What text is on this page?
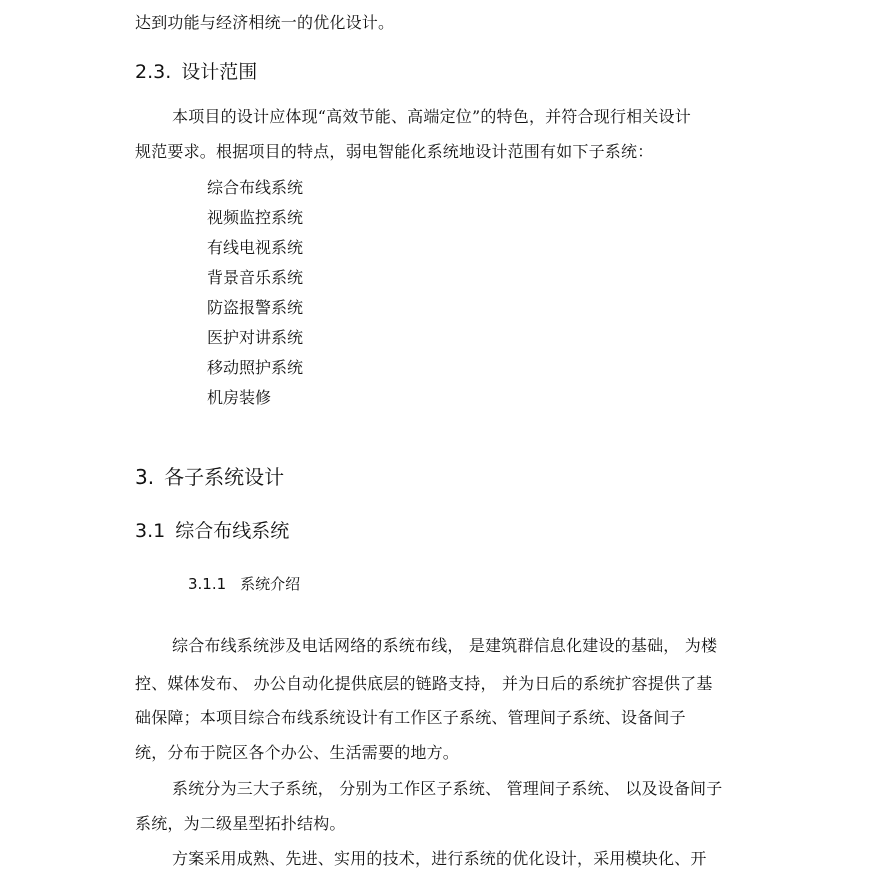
达到功能与经济相统一的优化设计。
2.3. 设计范围
本项目的设计应体现“高效节能、高端定位”的特色，并符合现行相关设计
规范要求。根据项目的特点，弱电智能化系统地设计范围有如下子系统：
综合布线系统
视频监控系统
有线电视系统
背景音乐系统
防盗报警系统
医护对讲系统
移动照护系统
机房装修
3. 各子系统设计
3.1 综合布线系统
3.1.1 系统介绍
综合布线系统涉及电话网络的系统布线， 是建筑群信息化建设的基础， 为楼
控、媒体发布、 办公自动化提供底层的链路支持， 并为日后的系统扩容提供了基
础保障；本项目综合布线系统设计有工作区子系统、管理间子系统、设备间子
统，分布于院区各个办公、生活需要的地方。
系统分为三大子系统， 分别为工作区子系统、 管理间子系统、 以及设备间子
系统，为二级星型拓扑结构。
方案采用成熟、先进、实用的技术，进行系统的优化设计，采用模块化、开
